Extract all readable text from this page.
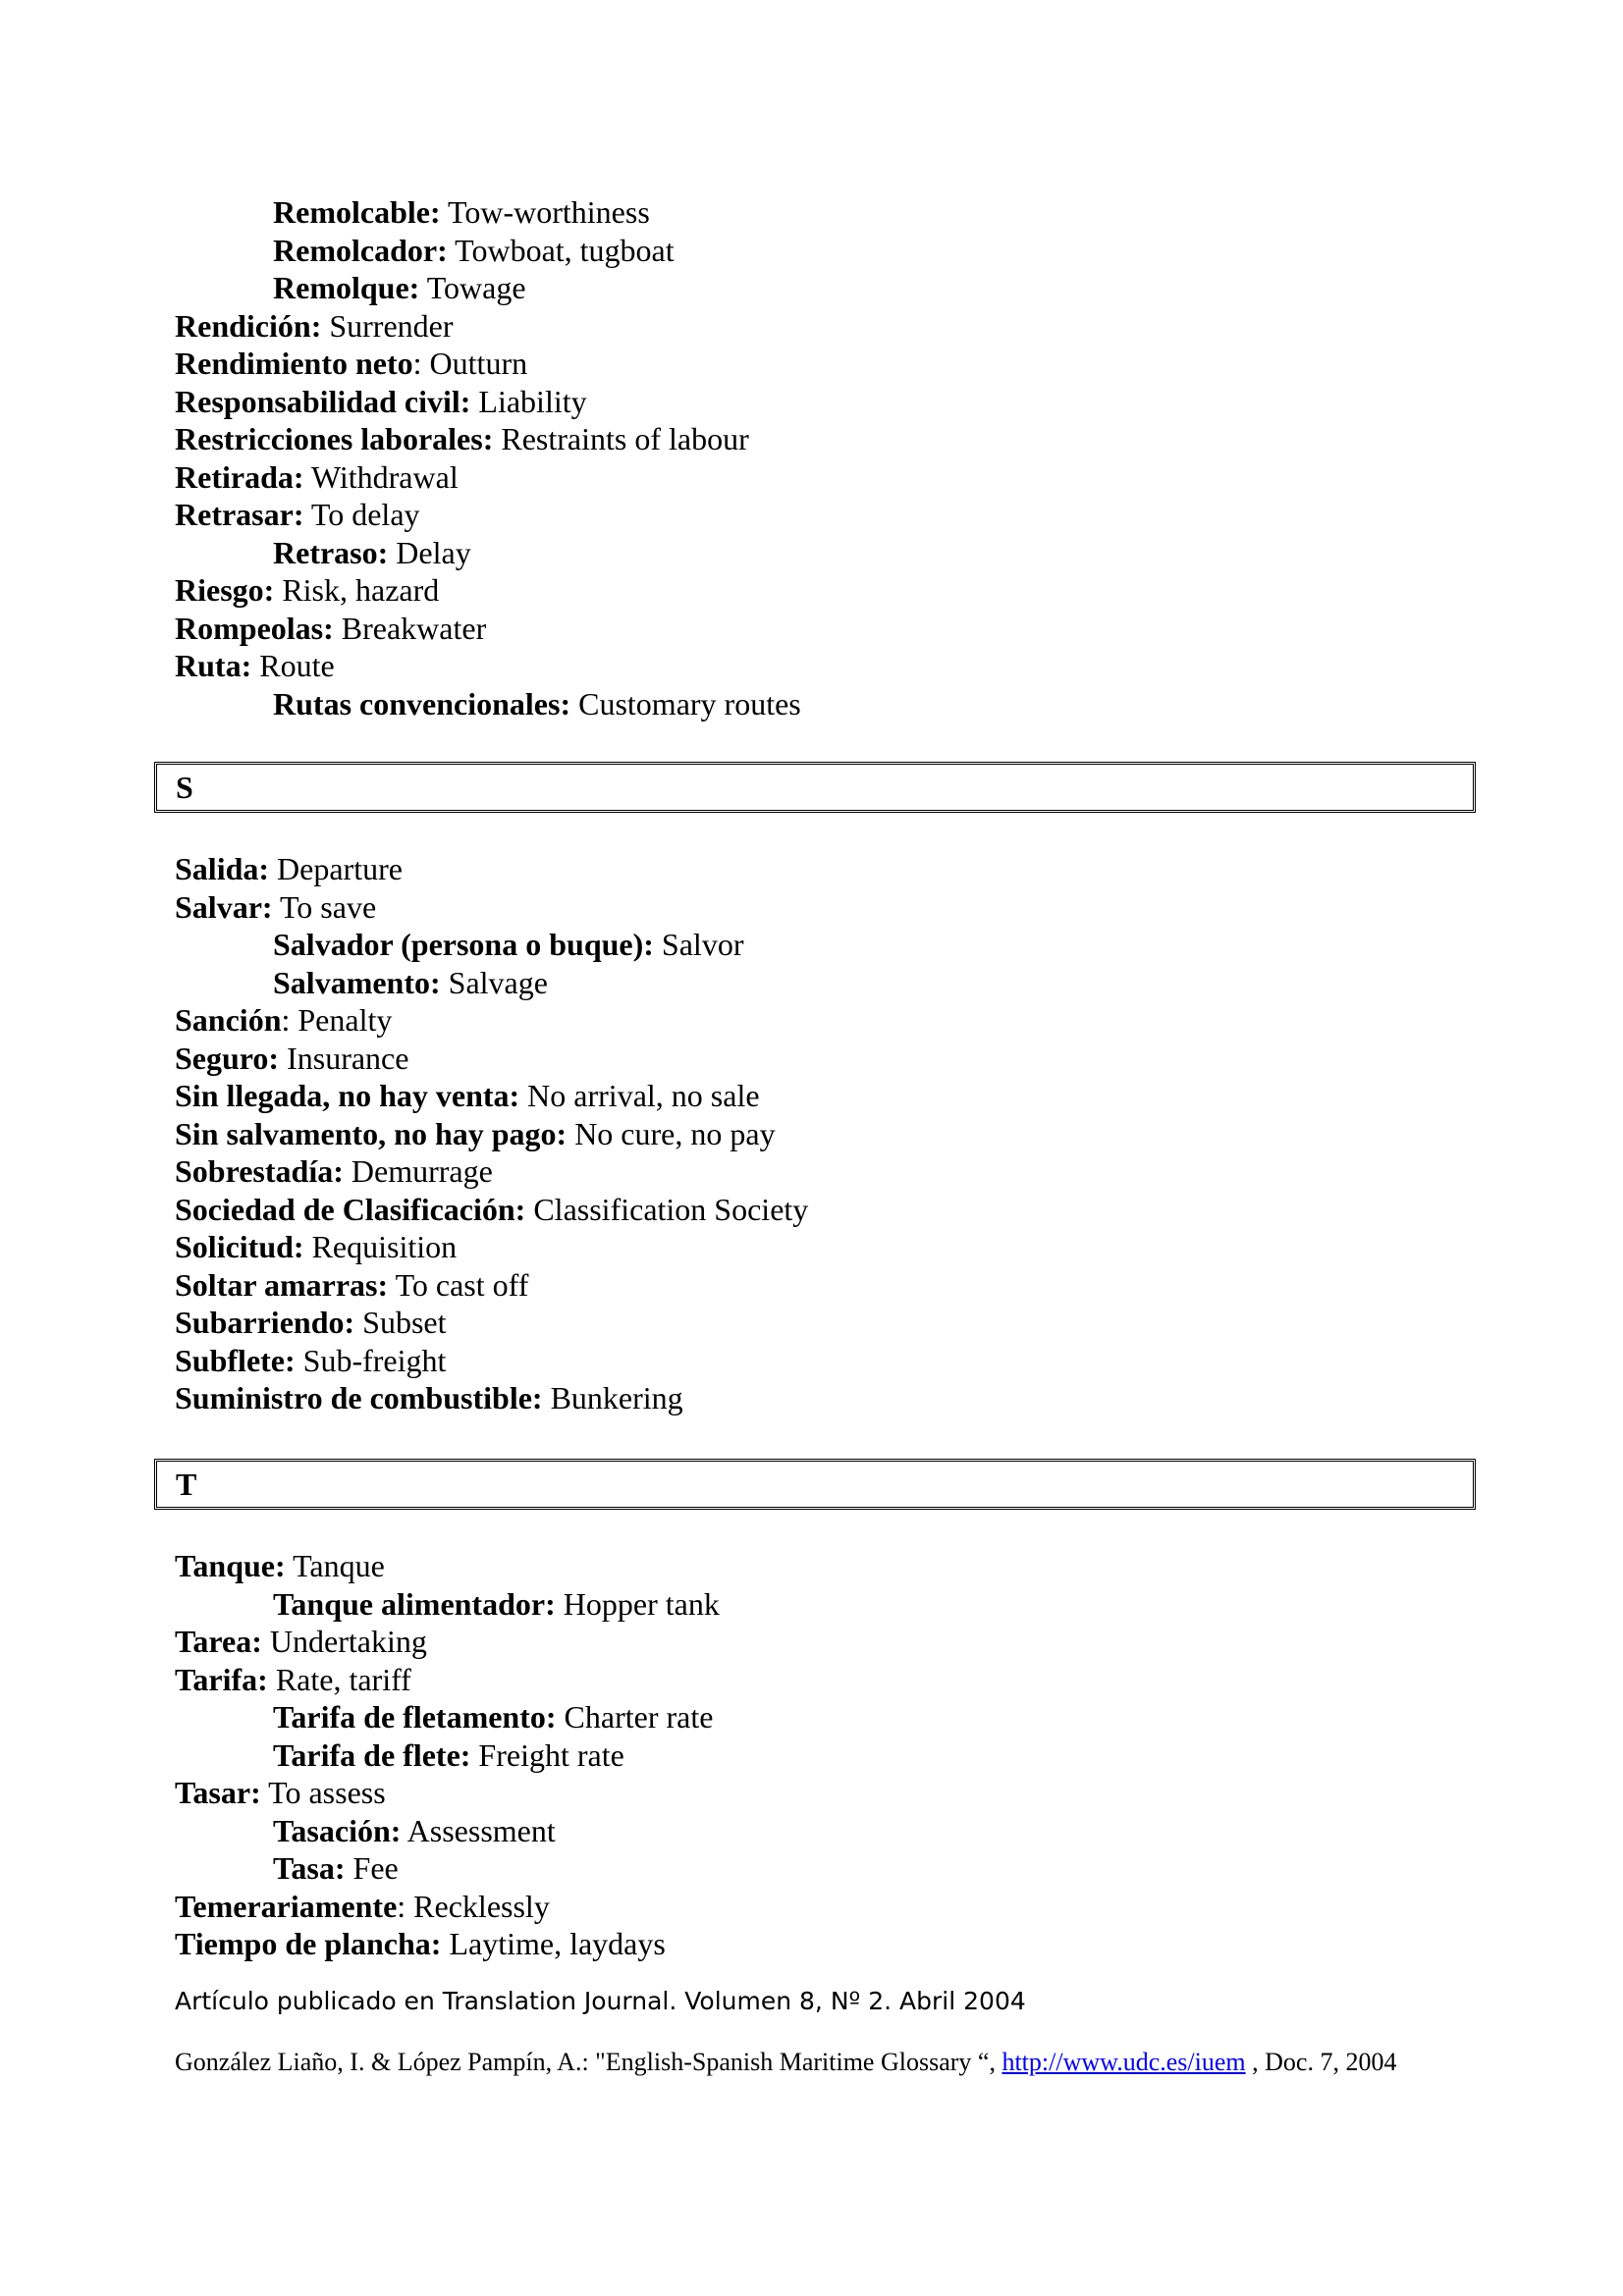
Remolcable: Tow-worthiness
Remolcador: Towboat, tugboat
Remolque: Towage
Rendición: Surrender
Rendimiento neto: Outturn
Responsabilidad civil: Liability
Restricciones laborales: Restraints of labour
Retirada: Withdrawal
Retrasar: To delay
Retraso: Delay
Riesgo: Risk, hazard
Rompeolas: Breakwater
Ruta: Route
Rutas convencionales: Customary routes
S
Salida: Departure
Salvar: To save
Salvador (persona o buque): Salvor
Salvamento: Salvage
Sanción: Penalty
Seguro: Insurance
Sin llegada, no hay venta: No arrival, no sale
Sin salvamento, no hay pago: No cure, no pay
Sobrestadía: Demurrage
Sociedad de Clasificación: Classification Society
Solicitud: Requisition
Soltar amarras: To cast off
Subarriendo: Subset
Subflete: Sub-freight
Suministro de combustible: Bunkering
T
Tanque: Tanque
Tanque alimentador: Hopper tank
Tarea: Undertaking
Tarifa: Rate, tariff
Tarifa de fletamento: Charter rate
Tarifa de flete: Freight rate
Tasar: To assess
Tasación: Assessment
Tasa: Fee
Temerariamente: Recklessly
Tiempo de plancha: Laytime, laydays
Artículo publicado en Translation Journal. Volumen 8, Nº 2. Abril 2004
González Liaño, I. & López Pampín, A.: "English-Spanish Maritime Glossary “, http://www.udc.es/iuem , Doc. 7, 2004
